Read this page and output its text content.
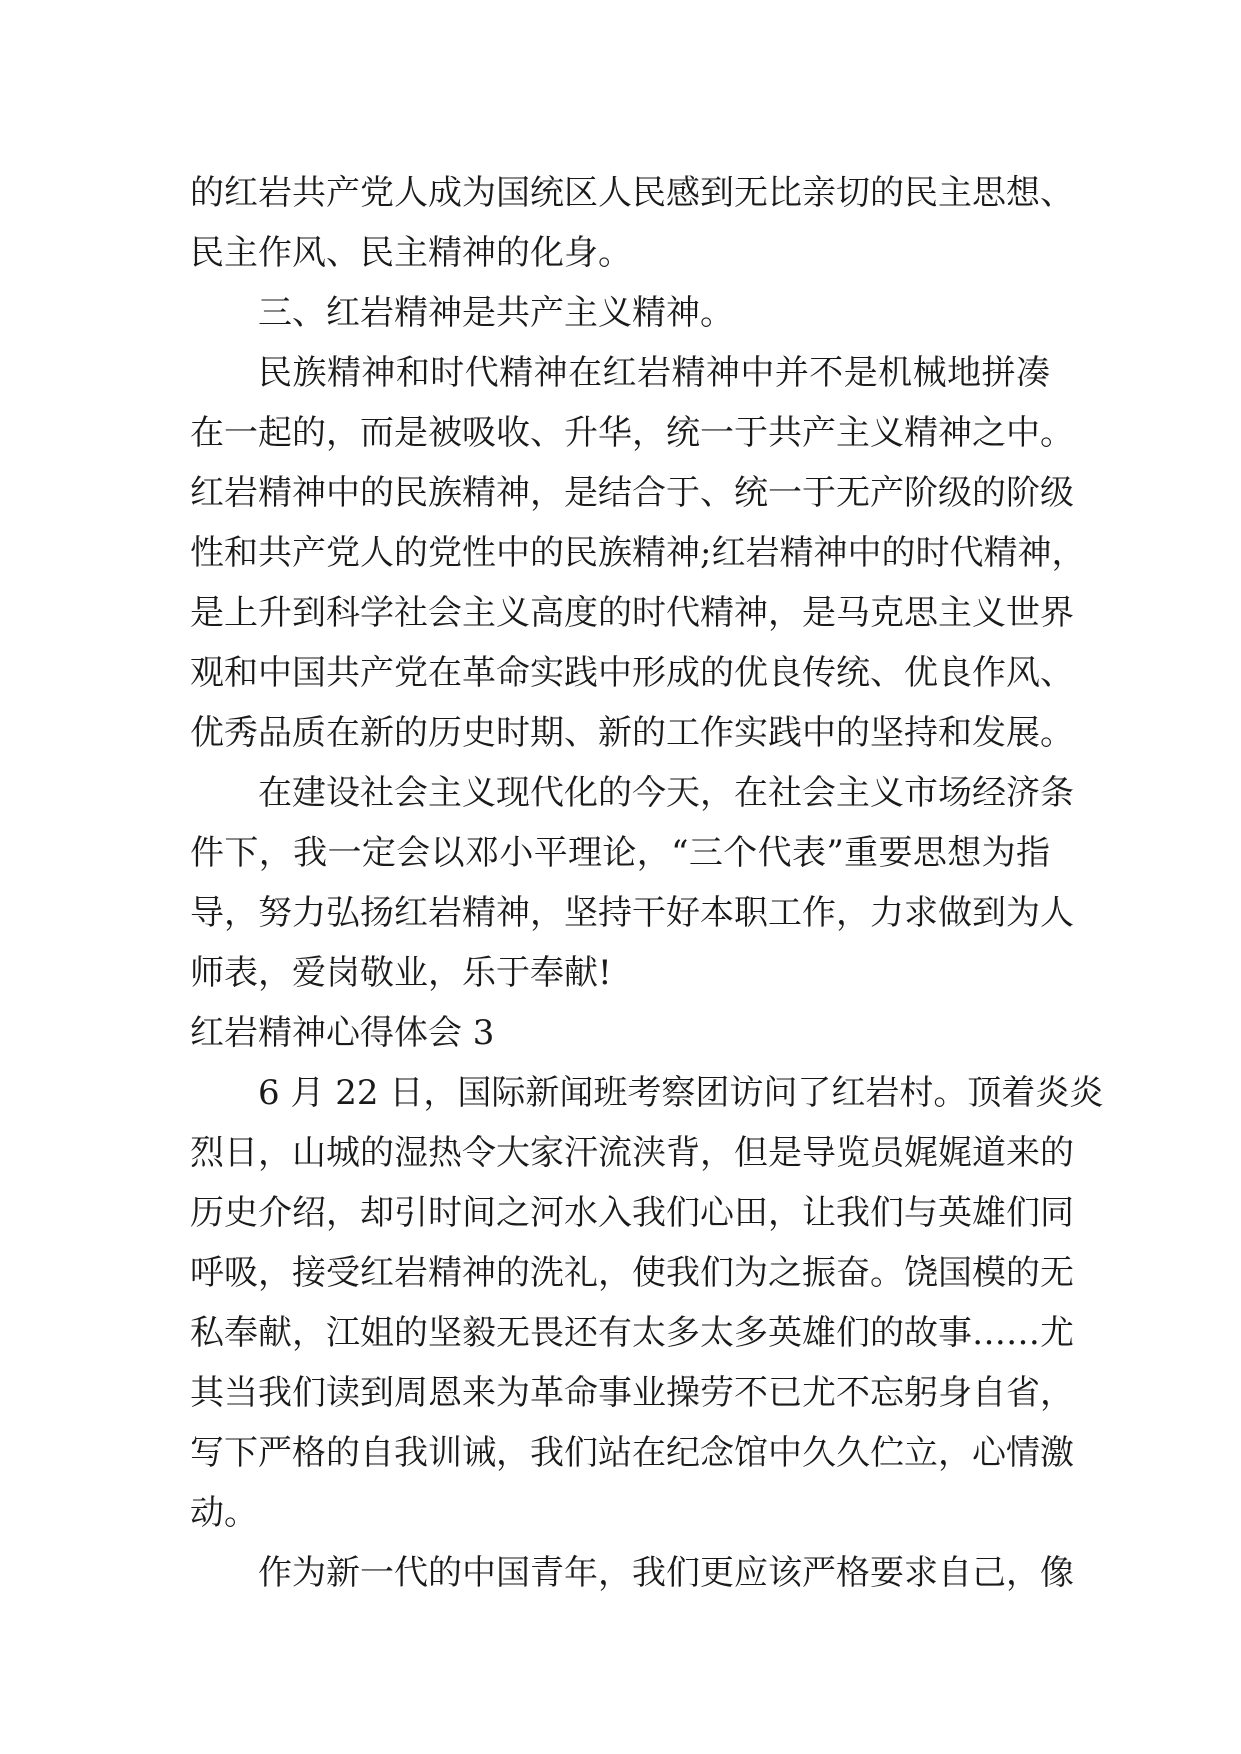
的红岩共产党人成为国统区人民感到无比亲切的民主思想、
民主作风、民主精神的化身。
三、红岩精神是共产主义精神。
民族精神和时代精神在红岩精神中并不是机械地拼凑
在一起的，而是被吸收、升华，统一于共产主义精神之中。
红岩精神中的民族精神，是结合于、统一于无产阶级的阶级
性和共产党人的党性中的民族精神;红岩精神中的时代精神，
是上升到科学社会主义高度的时代精神，是马克思主义世界
观和中国共产党在革命实践中形成的优良传统、优良作风、
优秀品质在新的历史时期、新的工作实践中的坚持和发展。
在建设社会主义现代化的今天，在社会主义市场经济条
件下，我一定会以邓小平理论，“三个代表”重要思想为指
导，努力弘扬红岩精神，坚持干好本职工作，力求做到为人
师表，爱岗敬业，乐于奉献!
红岩精神心得体会 3
6 月 22 日，国际新闻班考察团访问了红岩村。顶着炎炎
烈日，山城的湿热令大家汗流浃背，但是导览员娓娓道来的
历史介绍，却引时间之河水入我们心田，让我们与英雄们同
呼吸，接受红岩精神的洗礼，使我们为之振奋。饶国模的无
私奉献，江姐的坚毅无畏还有太多太多英雄们的故事……尤
其当我们读到周恩来为革命事业操劳不已尤不忘躬身自省，
写下严格的自我训诫，我们站在纪念馆中久久伫立，心情激
动。
作为新一代的中国青年，我们更应该严格要求自己，像
